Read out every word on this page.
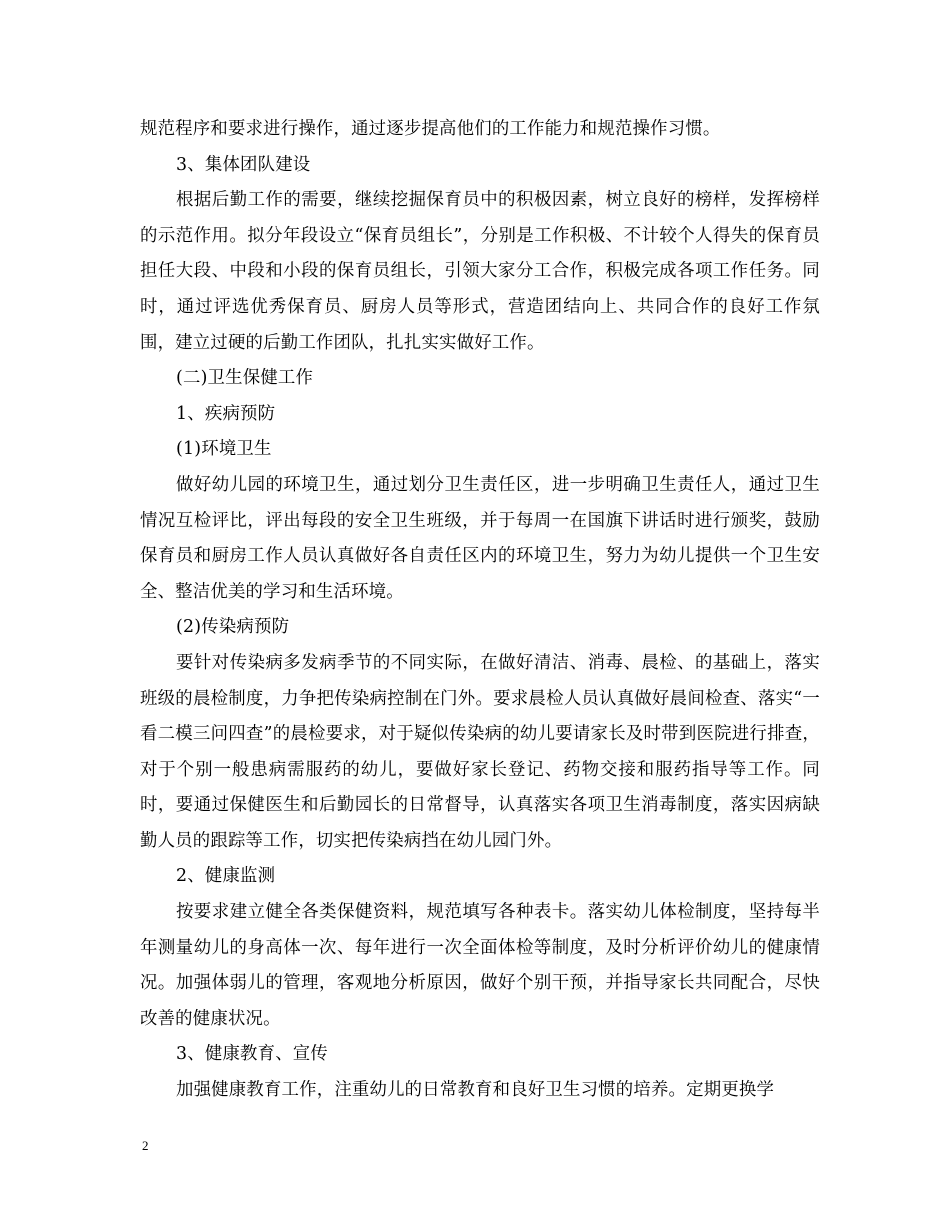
规范程序和要求进行操作，通过逐步提高他们的工作能力和规范操作习惯。

3、集体团队建设

根据后勤工作的需要，继续挖掘保育员中的积极因素，树立良好的榜样，发挥榜样的示范作用。拟分年段设立“保育员组长”，分别是工作积极、不计较个人得失的保育员担任大段、中段和小段的保育员组长，引领大家分工合作，积极完成各项工作任务。同时，通过评选优秀保育员、厨房人员等形式，营造团结向上、共同合作的良好工作氛围，建立过硬的后勤工作团队，扎扎实实做好工作。

(二)卫生保健工作

1、疾病预防

(1)环境卫生

做好幼儿园的环境卫生，通过划分卫生责任区，进一步明确卫生责任人，通过卫生情况互检评比，评出每段的安全卫生班级，并于每周一在国旗下讲话时进行颁奖，鼓励保育员和厨房工作人员认真做好各自责任区内的环境卫生，努力为幼儿提供一个卫生安全、整洁优美的学习和生活环境。

(2)传染病预防

要针对传染病多发病季节的不同实际，在做好清洁、消毒、晨检、的基础上，落实班级的晨检制度，力争把传染病控制在门外。要求晨检人员认真做好晨间检查、落实“一看二模三问四查”的晨检要求，对于疑似传染病的幼儿要请家长及时带到医院进行排查，对于个别一般患病需服药的幼儿，要做好家长登记、药物交接和服药指导等工作。同时，要通过保健医生和后勤园长的日常督导，认真落实各项卫生消毒制度，落实因病缺勤人员的跟踪等工作，切实把传染病挡在幼儿园门外。

2、健康监测

按要求建立健全各类保健资料，规范填写各种表卡。落实幼儿体检制度，坚持每半年测量幼儿的身高体一次、每年进行一次全面体检等制度，及时分析评价幼儿的健康情况。加强体弱儿的管理，客观地分析原因，做好个别干预，并指导家长共同配合，尽快改善的健康状况。

3、健康教育、宣传

加强健康教育工作，注重幼儿的日常教育和良好卫生习惯的培养。定期更换学

2
